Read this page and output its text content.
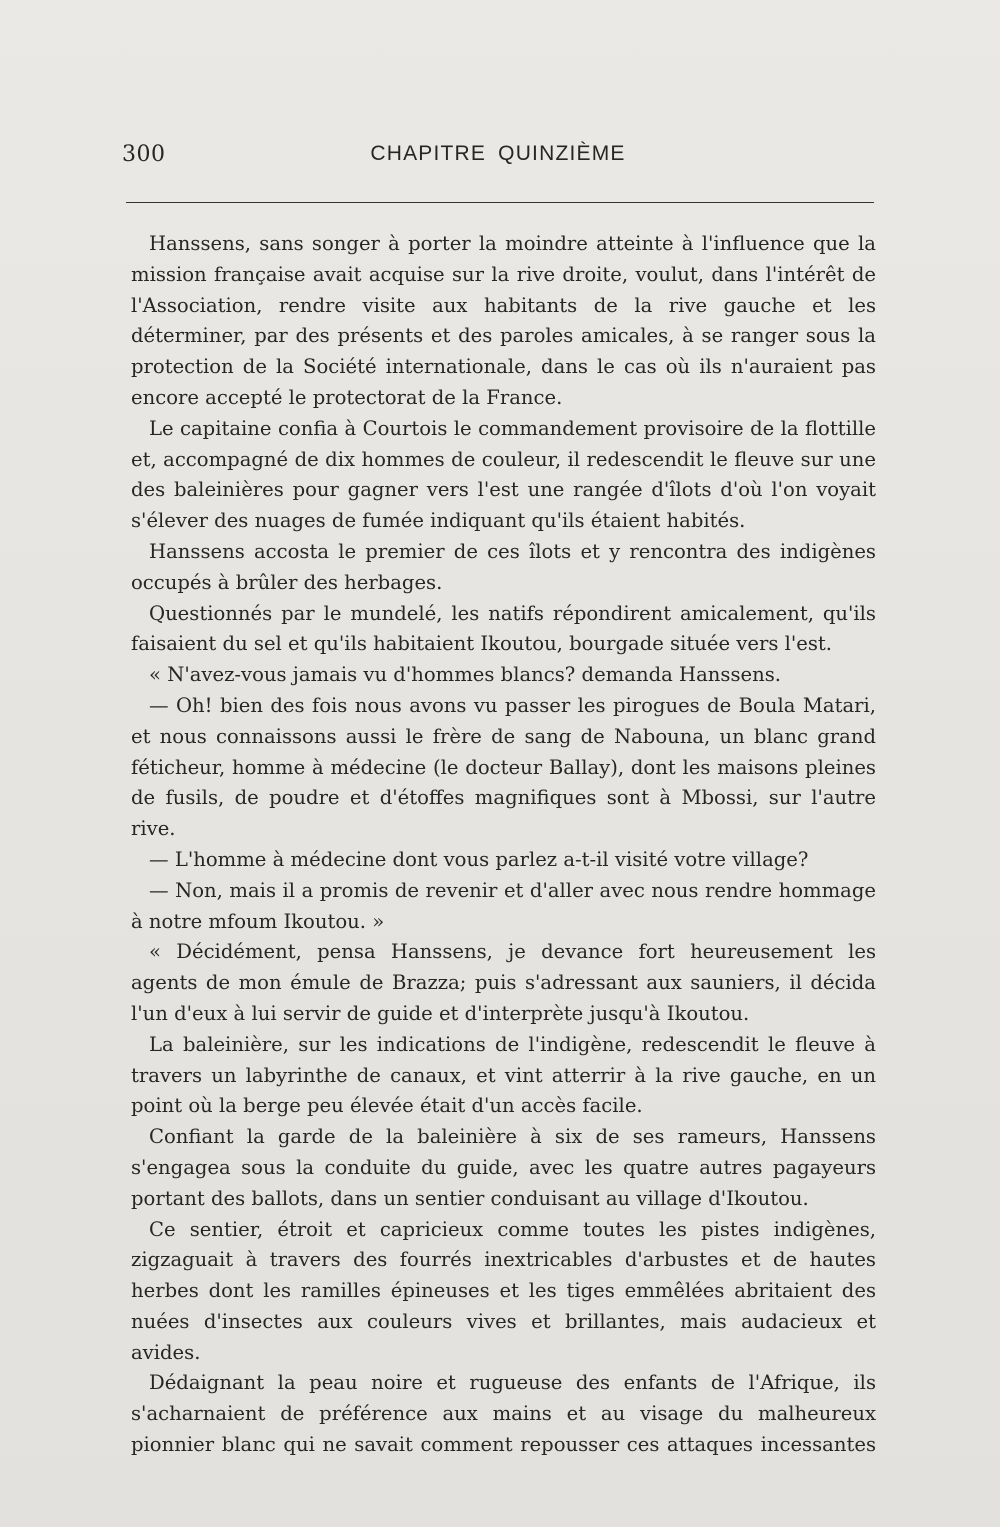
300	CHAPITRE QUINZIÈME

Hanssens, sans songer à porter la moindre atteinte à l'influence que la mission française avait acquise sur la rive droite, voulut, dans l'intérêt de l'Association, rendre visite aux habitants de la rive gauche et les déterminer, par des présents et des paroles amicales, à se ranger sous la protection de la Société internationale, dans le cas où ils n'auraient pas encore accepté le protectorat de la France.

Le capitaine confia à Courtois le commandement provisoire de la flottille et, accompagné de dix hommes de couleur, il redescendit le fleuve sur une des baleinières pour gagner vers l'est une rangée d'îlots d'où l'on voyait s'élever des nuages de fumée indiquant qu'ils étaient habités.

Hanssens accosta le premier de ces îlots et y rencontra des indigènes occupés à brûler des herbages.

Questionnés par le mundelé, les natifs répondirent amicalement, qu'ils faisaient du sel et qu'ils habitaient Ikoutou, bourgade située vers l'est.

« N'avez-vous jamais vu d'hommes blancs? demanda Hanssens.

— Oh! bien des fois nous avons vu passer les pirogues de Boula Matari, et nous connaissons aussi le frère de sang de Nabouna, un blanc grand féticheur, homme à médecine (le docteur Ballay), dont les maisons pleines de fusils, de poudre et d'étoffes magnifiques sont à Mbossi, sur l'autre rive.

— L'homme à médecine dont vous parlez a-t-il visité votre village?

— Non, mais il a promis de revenir et d'aller avec nous rendre hommage à notre mfoum Ikoutou. »

« Décidément, pensa Hanssens, je devance fort heureusement les agents de mon émule de Brazza; puis s'adressant aux sauniers, il décida l'un d'eux à lui servir de guide et d'interprète jusqu'à Ikoutou.

La baleinière, sur les indications de l'indigène, redescendit le fleuve à travers un labyrinthe de canaux, et vint atterrir à la rive gauche, en un point où la berge peu élevée était d'un accès facile.

Confiant la garde de la baleinière à six de ses rameurs, Hanssens s'engagea sous la conduite du guide, avec les quatre autres pagayeurs portant des ballots, dans un sentier conduisant au village d'Ikoutou.

Ce sentier, étroit et capricieux comme toutes les pistes indigènes, zigzaguait à travers des fourrés inextricables d'arbustes et de hautes herbes dont les ramilles épineuses et les tiges emmêlées abritaient des nuées d'insectes aux couleurs vives et brillantes, mais audacieux et avides.

Dédaignant la peau noire et rugueuse des enfants de l'Afrique, ils s'acharnaient de préférence aux mains et au visage du malheureux pionnier blanc qui ne savait comment repousser ces attaques incessantes
